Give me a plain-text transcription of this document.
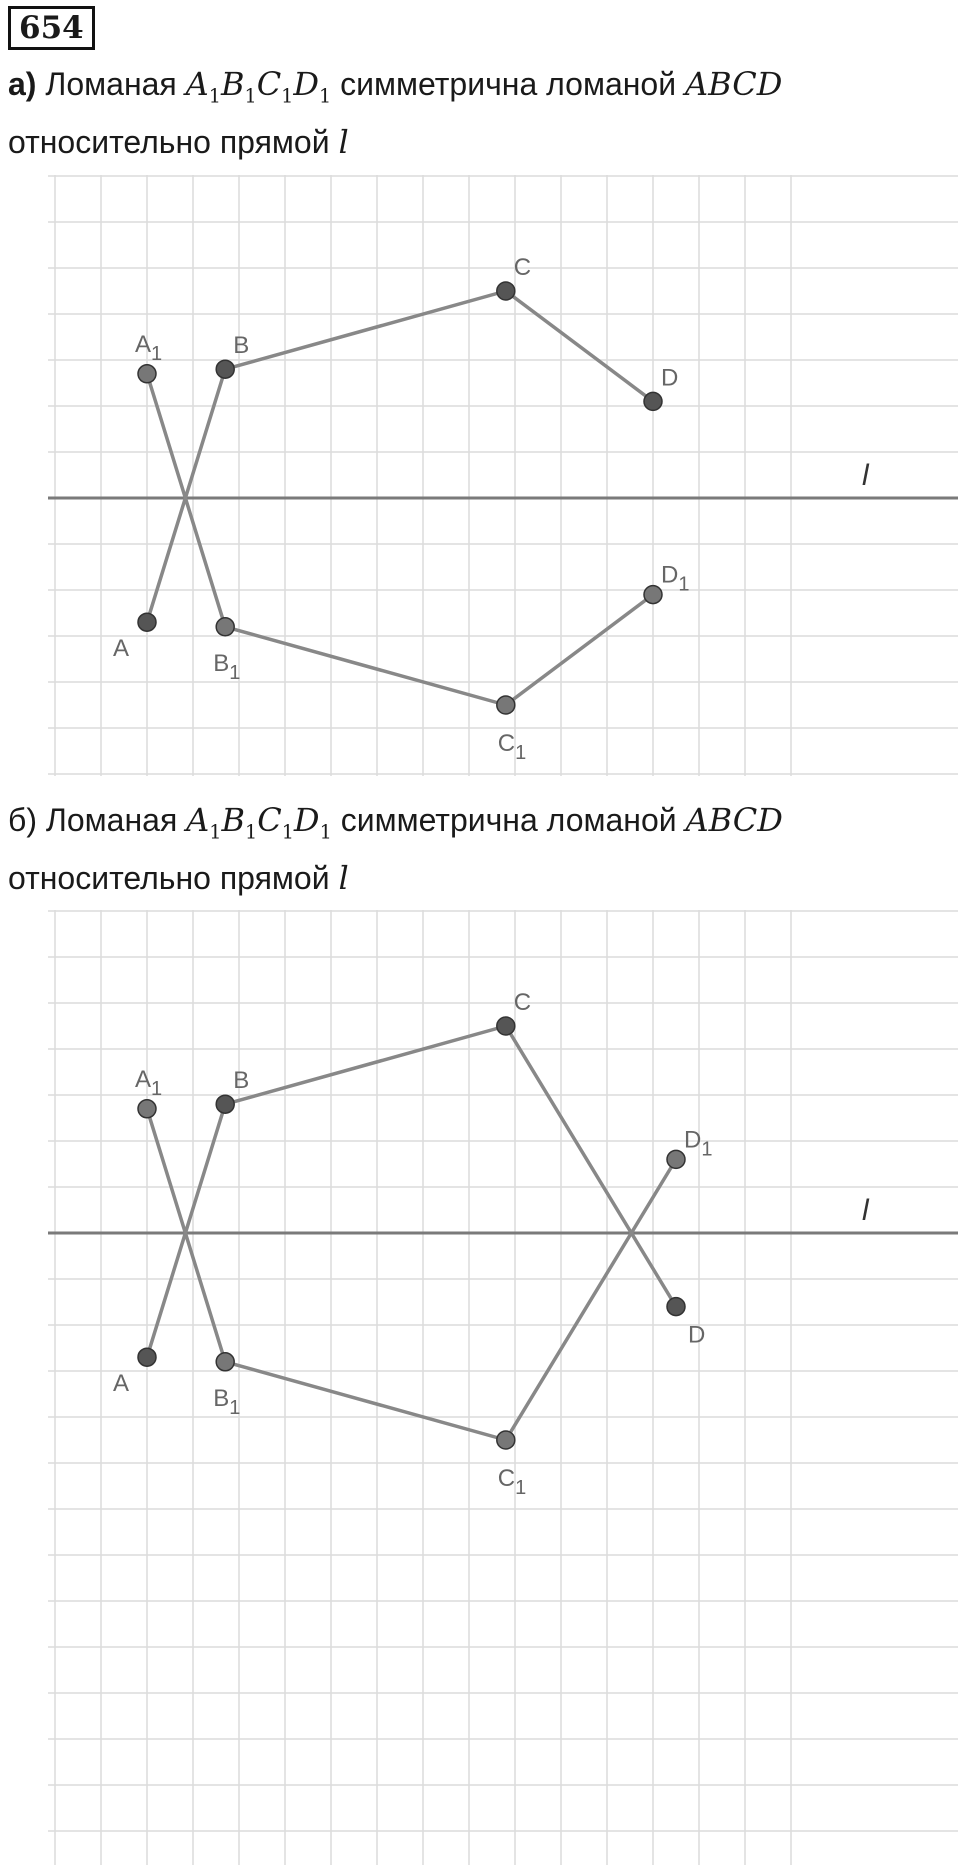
654
а) Ломаная $A_1B_1C_1D_1$ симметрична ломаной ABCD
относительно прямой l
l
A
B
C
D
$A_1$
$B_1$
$C_1$
$D_1$
б) Ломаная $A_1B_1C_1D_1$ симметрична ломаной ABCD
относительно прямой l
l
A
B
C
D
$A_1$
$B_1$
$C_1$
$D_1$
